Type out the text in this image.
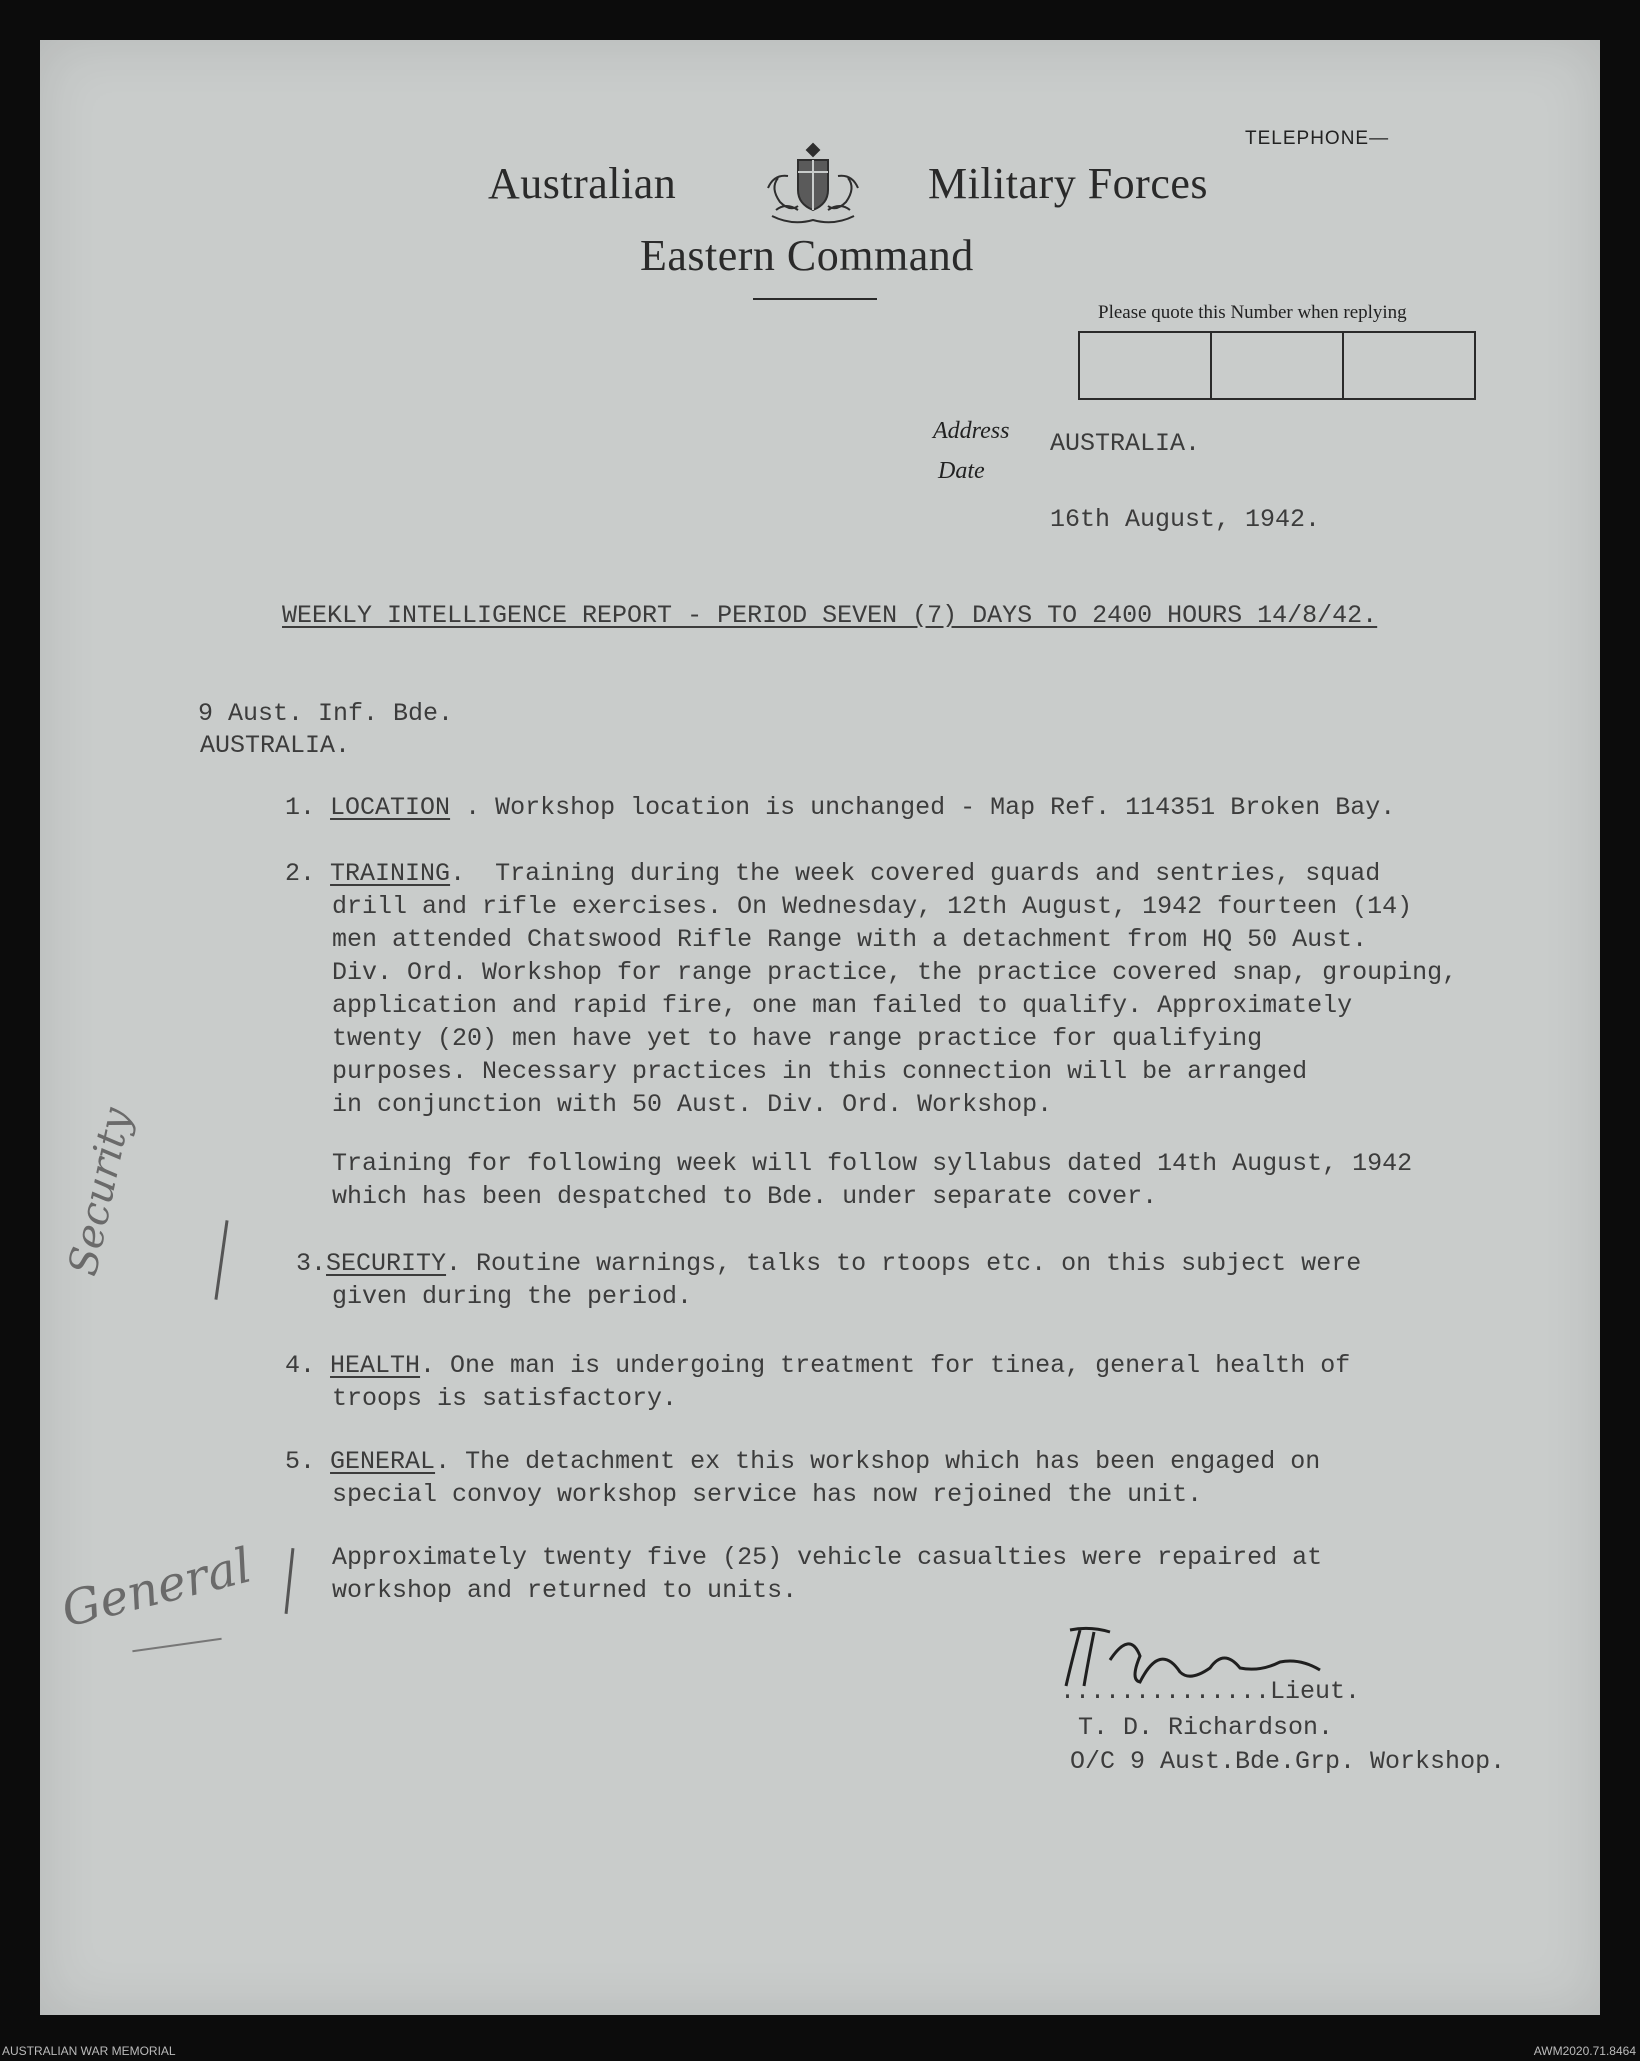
TELEPHONE—
Australian	Military Forces
Eastern Command
Please quote this Number when replying
Address
Date
AUSTRALIA.
16th August, 1942.
WEEKLY INTELLIGENCE REPORT - PERIOD SEVEN (7) DAYS TO 2400 HOURS 14/8/42.
9 Aust. Inf. Bde.
AUSTRALIA.
1. LOCATION . Workshop location is unchanged - Map Ref. 114351 Broken Bay.
2. TRAINING.  Training during the week covered guards and sentries, squad
drill and rifle exercises. On Wednesday, 12th August, 1942 fourteen (14)
men attended Chatswood Rifle Range with a detachment from HQ 50 Aust.
Div. Ord. Workshop for range practice, the practice covered snap, grouping,
application and rapid fire, one man failed to qualify. Approximately
twenty (20) men have yet to have range practice for qualifying
purposes. Necessary practices in this connection will be arranged
in conjunction with 50 Aust. Div. Ord. Workshop.
Training for following week will follow syllabus dated 14th August, 1942
which has been despatched to Bde. under separate cover.
3.SECURITY. Routine warnings, talks to rtoops etc. on this subject were
given during the period.
4. HEALTH. One man is undergoing treatment for tinea, general health of
troops is satisfactory.
5. GENERAL. The detachment ex this workshop which has been engaged on
special convoy workshop service has now rejoined the unit.
Approximately twenty five (25) vehicle casualties were repaired at
workshop and returned to units.
Security
General
..............Lieut.
T. D. Richardson.
O/C 9 Aust.Bde.Grp. Workshop.
AUSTRALIAN WAR MEMORIAL	AWM2020.71.8464
